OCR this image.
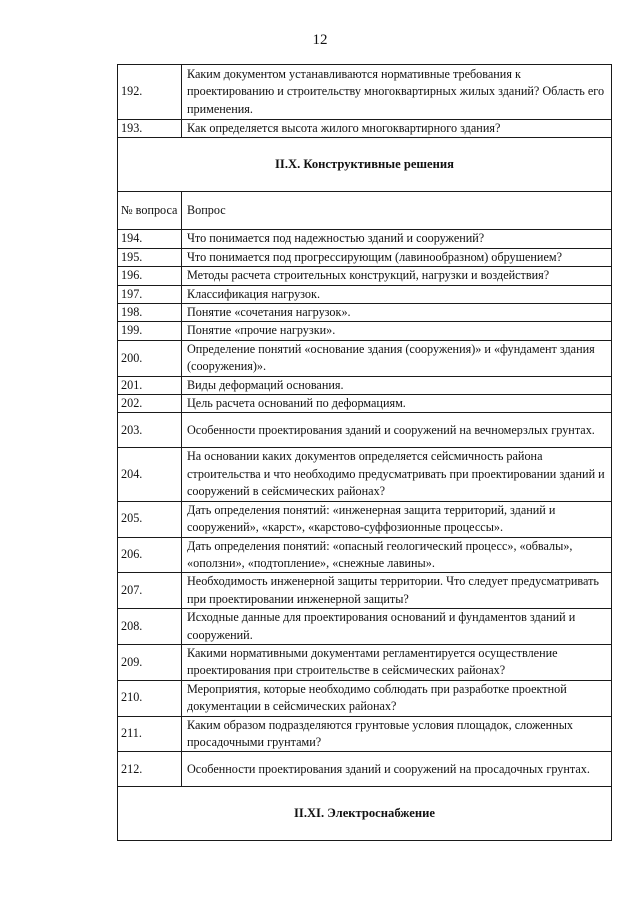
12
192.	Каким документом устанавливаются нормативные требования к проектированию и строительству многоквартирных жилых зданий? Область его применения.
193.	Как определяется высота жилого многоквартирного здания?
II.X. Конструктивные решения	
№ вопроса	Вопрос
194.	Что понимается под надежностью зданий и сооружений?
195.	Что понимается под прогрессирующим (лавинообразном) обрушением?
196.	Методы расчета строительных конструкций, нагрузки и воздействия?
197.	Классификация нагрузок.
198.	Понятие «сочетания нагрузок».
199.	Понятие «прочие нагрузки».
200.	Определение понятий «основание здания (сооружения)» и «фундамент здания (сооружения)».
201.	Виды деформаций основания.
202.	Цель расчета оснований по деформациям.
203.	Особенности проектирования зданий и сооружений на вечномерзлых грунтах.
204.	На основании каких документов определяется сейсмичность района строительства и что необходимо предусматривать при проектировании зданий и сооружений в сейсмических районах?
205.	Дать определения понятий: «инженерная защита территорий, зданий и сооружений», «карст», «карстово-суффозионные процессы».
206.	Дать определения понятий: «опасный геологический процесс», «обвалы», «оползни», «подтопление», «снежные лавины».
207.	Необходимость инженерной защиты территории. Что следует предусматривать при проектировании инженерной защиты?
208.	Исходные данные для проектирования оснований и фундаментов зданий и сооружений.
209.	Какими нормативными документами регламентируется осуществление проектирования при строительстве в сейсмических районах?
210.	Мероприятия, которые необходимо соблюдать при разработке проектной документации в сейсмических районах?
211.	Каким образом подразделяются грунтовые условия площадок, сложенных просадочными грунтами?
212.	Особенности проектирования зданий и сооружений на просадочных грунтах.
II.XI. Электроснабжение	
